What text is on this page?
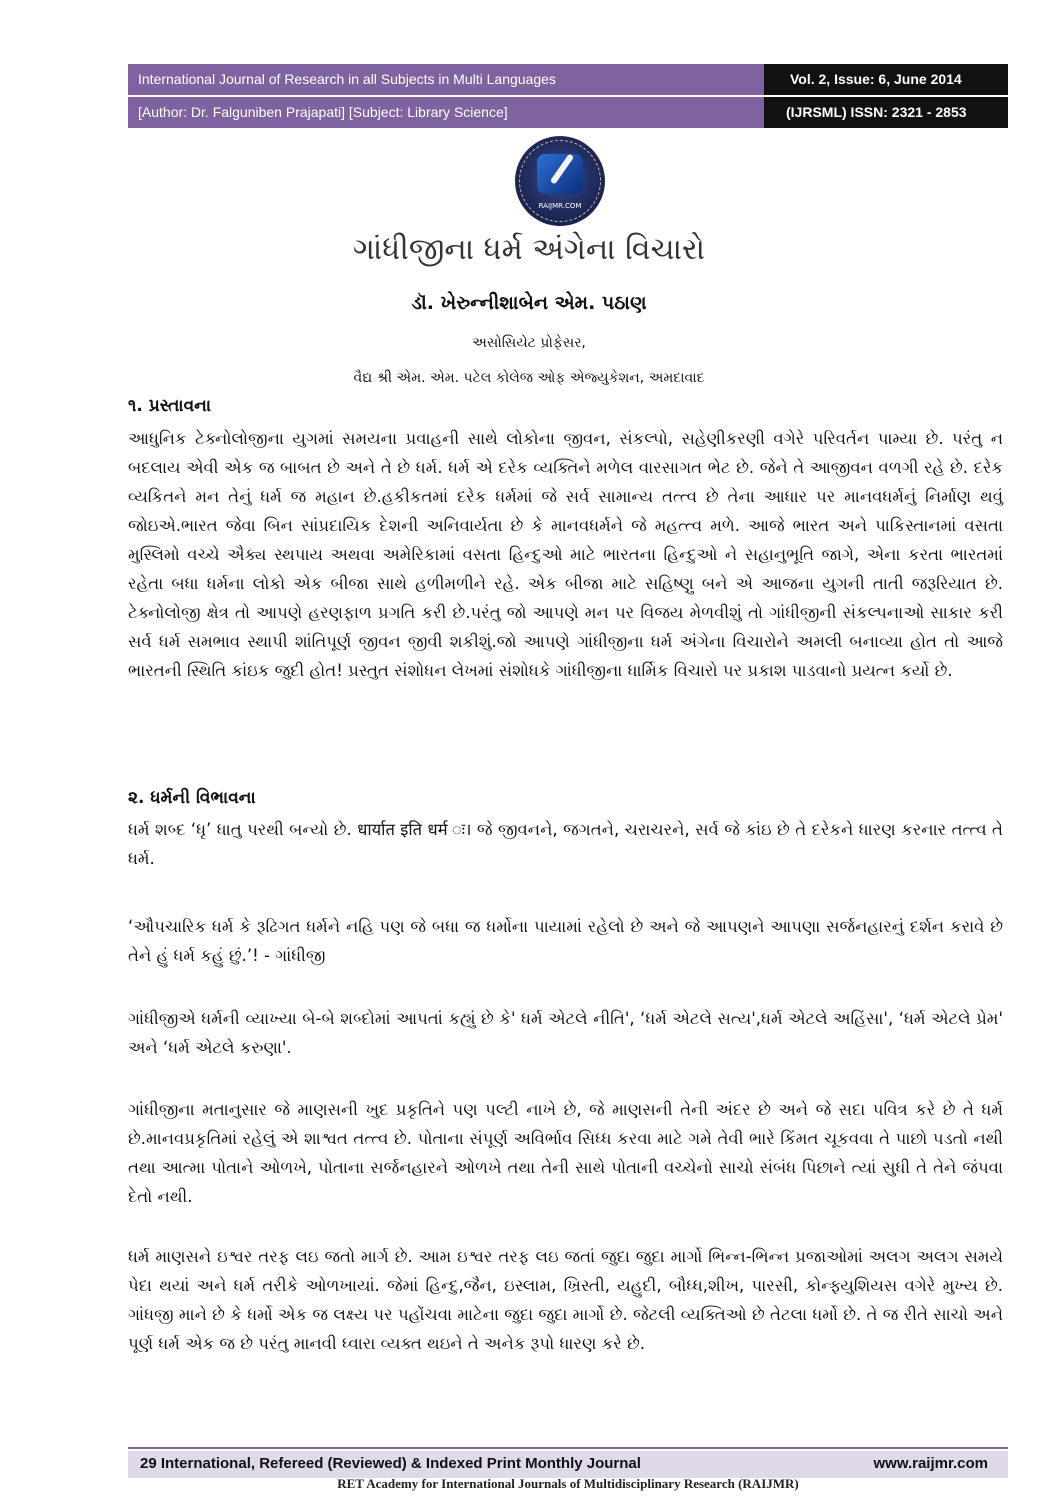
International Journal of Research in all Subjects in Multi Languages
[Author: Dr. Falguniben Prajapati] [Subject: Library Science]
Vol. 2, Issue: 6, June 2014
(IJRSML) ISSN: 2321 - 2853
RAIJMR.COM
ગાંધીજીના ધર્મ અંગેના વિચારો
ડૉ. ખેરુન્નીશાબેન એમ. પઠાણ
અસોસિયેટ પ્રોફેસર,
વૈદ્ય શ્રી એમ. એમ. પટેલ કોલેજ ઓફ એજ્યુકેશન, અમદાવાદ
૧. પ્રસ્તાવના

આધુનિક ટેક્નોલોજીના યુગમાં સમયના પ્રવાહની સાથે લોકોના જીવન, સંકલ્પો, સહેણીકરણી વગેરે પરિવર્તન પામ્યા છે. પરંતુ ન બદલાય એવી એક જ બાબત છે અને તે છે ધર્મ. ધર્મ એ દરેક વ્યક્તિને મળેલ વારસાગત ભેટ છે. જેને તે આજીવન વળગી રહે છે. દરેક વ્યકિતને મન તેનું ધર્મ જ મહાન છે.હકીકતમાં દરેક ધર્મમાં જે સર્વ સામાન્ય તત્ત્વ છે તેના આધાર પર માનવધર્મનું નિર્માણ થવું જોઇએ.ભારત જેવા બિન સાંપ્રદાયિક દેશની અનિવાર્યતા છે કે માનવધર્મને જે મહત્ત્વ મળે. આજે ભારત અને પાકિસ્તાનમાં વસતા મુસ્લિમો વચ્ચે ઐક્ય સ્થપાય અથવા અમેરિકામાં વસતા હિન્દુઓ માટે ભારતના હિન્દુઓ ને સહાનુભૂતિ જાગે, એના કરતા ભારતમાં રહેતા બધા ધર્મના લોકો એક બીજા સાથે હળીમળીને રહે. એક બીજા માટે સહિષ્ણુ બને એ આજના યુગની તાતી જરૂરિયાત છે. ટેક્નોલોજી ક્ષેત્ર તો આપણે હરણફાળ પ્રગતિ કરી છે.પરંતુ જો આપણે મન પર વિજય મેળવીશું તો ગાંધીજીની સંકલ્પનાઓ સાકાર કરી સર્વ ધર્મ સમભાવ સ્થાપી શાંતિપૂર્ણ જીવન જીવી શકીશું.જો આપણે ગાંધીજીના ધર્મ અંગેના વિચારોને અમલી બનાવ્યા હોત તો આજે ભારતની સ્થિતિ કાંઇક જુદી હોત! પ્રસ્તુત સંશોધન લેખમાં સંશોધકે ગાંધીજીના ધાર્મિક વિચારો પર પ્રકાશ પાડવાનો પ્રયત્ન કર્યો છે.

૨. ધર્મની વિભાવના

ધર્મ શબ્દ ‘ધૃ’ ધાતુ પરથી બન્યો છે. धार्यात इति धर्म ः। જે જીવનને, જગતને, ચરાચરને, સર્વ જે કાંઇ છે તે દરેકને ધારણ કરનાર તત્ત્વ તે ધર્મ.

‘ઔપચારિક ધર્મ કે રૂઢિગત ધર્મને નહિ પણ જે બધા જ ધર્મોના પાયામાં રહેલો છે અને જે આપણને આપણા સર્જનહારનું દર્શન કરાવે છે તેને હું ધર્મ કહું છું.’! - ગાંધીજી

ગાંધીજીએ ધર્મની વ્યાખ્યા બે-બે શબ્દોમાં આપતાં કહ્યું છે કે' ધર્મ એટલે નીતિ', ‘ધર્મ એટલે સત્ય',ધર્મ એટલે અહિંસા', ‘ધર્મ એટલે પ્રેમ' અને ‘ધર્મ એટલે કરુણા'.

ગાંધીજીના મતાનુસાર જે માણસની ખુદ પ્રકૃતિને પણ પલ્ટી નાખે છે, જે માણસની તેની અંદર છે અને જે સદા પવિત્ર કરે છે તે ધર્મ છે.માનવપ્રકૃતિમાં રહેલું એ શાશ્વત તત્ત્વ છે. પોતાના સંપૂર્ણ અવિર્ભાવ સિધ્ધ કરવા માટે ગમે તેવી ભારે કિંમત ચૂકવવા તે પાછો પડતો નથી તથા આત્મા પોતાને ઓળખે, પોતાના સર્જનહારને ઓળખે તથા તેની સાથે પોતાની વચ્ચેનો સાચો સંબંધ પિછાને ત્યાં સુધી તે તેને જંપવા દેતો નથી.

ધર્મ માણસને ઇશ્વર તરફ લઇ જતો માર્ગ છે. આમ ઇશ્વર તરફ લઇ જતાં જુદા જુદા માર્ગો ભિન્ન-ભિન્ન પ્રજાઓમાં અલગ અલગ સમયે પેદા થયાં અને ધર્મ તરીકે ઓળખાયાં. જેમાં હિન્દુ,જૈન, ઇસ્લામ, ખ્રિસ્તી, યહુદી, બૌધ્ધ,શીખ, પારસી, કોન્ફ્યુશિયસ વગેરે મુખ્ય છે. ગાંધજી માને છે કે ધર્મો એક જ લક્ષ્ય પર પહોંચવા માટેના જુદા જુદા માર્ગો છે. જેટલી વ્યક્તિઓ છે તેટલા ધર્મો છે. તે જ રીતે સાચો અને પૂર્ણ ધર્મ એક જ છે પરંતુ માનવી ધ્વારા વ્યક્ત થઇને તે અનેક રૂપો ધારણ કરે છે.

29 International, Refereed (Reviewed) & Indexed Print Monthly Journal	www.raijmr.com
RET Academy for International Journals of Multidisciplinary Research (RAIJMR)
